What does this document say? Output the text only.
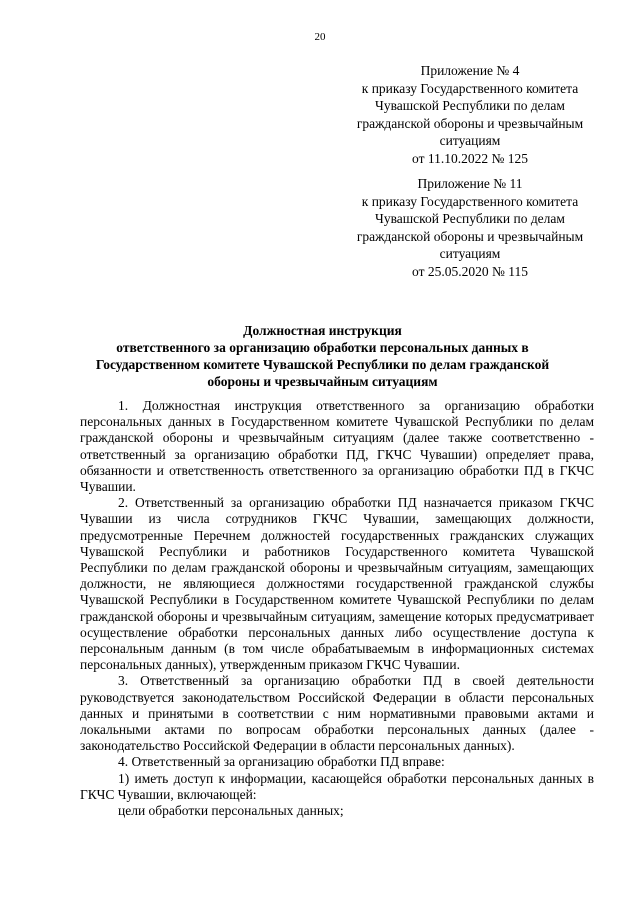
20
Приложение № 4
к приказу Государственного комитета
Чувашской Республики по делам
гражданской обороны и чрезвычайным
ситуациям
от 11.10.2022 № 125
Приложение № 11
к приказу Государственного комитета
Чувашской Республики по делам
гражданской обороны и чрезвычайным
ситуациям
от 25.05.2020 № 115
Должностная инструкция
ответственного за организацию обработки персональных данных в
Государственном комитете Чувашской Республики по делам гражданской
обороны и чрезвычайным ситуациям

1. Должностная инструкция ответственного за организацию обработки персональных данных в Государственном комитете Чувашской Республики по делам гражданской обороны и чрезвычайным ситуациям (далее также соответственно - ответственный за организацию обработки ПД, ГКЧС Чувашии) определяет права, обязанности и ответственность ответственного за организацию обработки ПД в ГКЧС Чувашии.

2. Ответственный за организацию обработки ПД назначается приказом ГКЧС Чувашии из числа сотрудников ГКЧС Чувашии, замещающих должности, предусмотренные Перечнем должностей государственных гражданских служащих Чувашской Республики и работников Государственного комитета Чувашской Республики по делам гражданской обороны и чрезвычайным ситуациям, замещающих должности, не являющиеся должностями государственной гражданской службы Чувашской Республики в Государственном комитете Чувашской Республики по делам гражданской обороны и чрезвычайным ситуациям, замещение которых предусматривает осуществление обработки персональных данных либо осуществление доступа к персональным данным (в том числе обрабатываемым в информационных системах персональных данных), утвержденным приказом ГКЧС Чувашии.

3. Ответственный за организацию обработки ПД в своей деятельности руководствуется законодательством Российской Федерации в области персональных данных и принятыми в соответствии с ним нормативными правовыми актами и локальными актами по вопросам обработки персональных данных (далее - законодательство Российской Федерации в области персональных данных).

4. Ответственный за организацию обработки ПД вправе:

1) иметь доступ к информации, касающейся обработки персональных данных в ГКЧС Чувашии, включающей:

цели обработки персональных данных;
